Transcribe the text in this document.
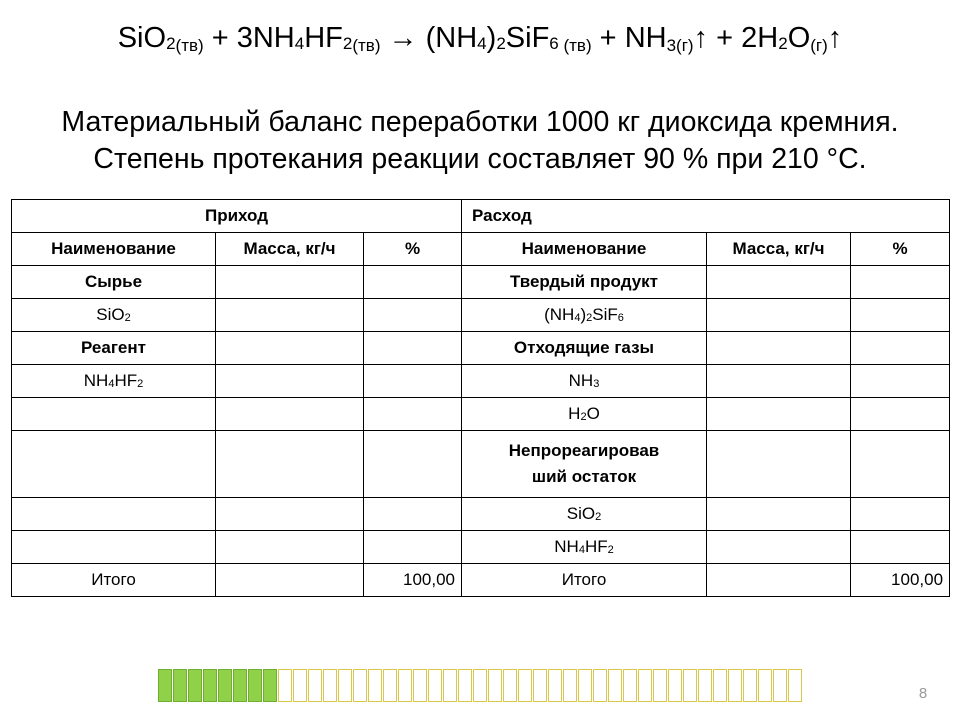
$SiO2_{(тв)} + 3NH4HF2_{(тв)} \to (NH4)2SiF6$ $_{(тв)} + NH_{3(г)}↑$ + $2H2O_{(г)}↑$
Материальный баланс переработки 1000 кг диоксида кремния.
Степень протекания реакции составляет 90 % при 210 °С.
Приход			Расход		
Наименование	Масса, кг/ч	%	Наименование	Масса, кг/ч	%
Сырье			Твердый продукт		
SiO2			(NH4)2SiF6		
Реагент			Отходящие газы		
NH4HF2			NH3		
			H2O		

			Непрореагировав
ший остаток		

			SiO2		
			NH4HF2		
Итого		100,00	Итого		100,00
8
